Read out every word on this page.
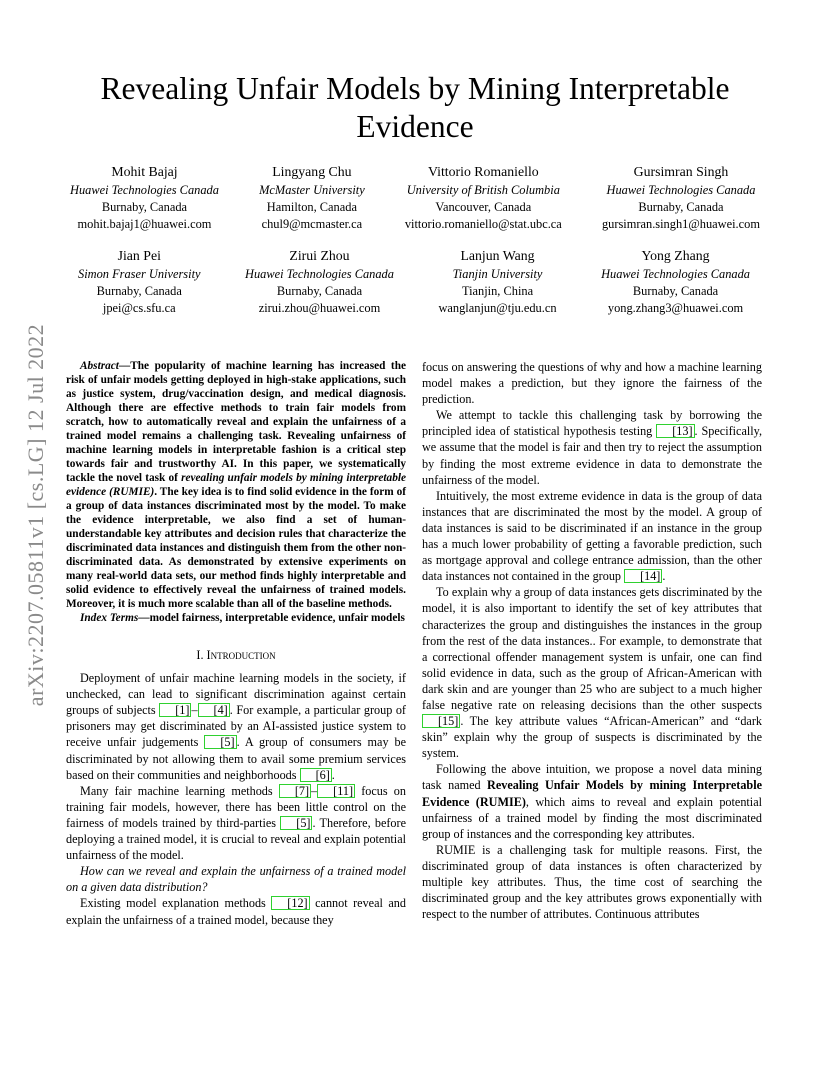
arXiv:2207.05811v1 [cs.LG] 12 Jul 2022
Revealing Unfair Models by Mining Interpretable Evidence
Mohit Bajaj
Huawei Technologies Canada
Burnaby, Canada
mohit.bajaj1@huawei.com
Lingyang Chu
McMaster University
Hamilton, Canada
chul9@mcmaster.ca
Vittorio Romaniello
University of British Columbia
Vancouver, Canada
vittorio.romaniello@stat.ubc.ca
Gursimran Singh
Huawei Technologies Canada
Burnaby, Canada
gursimran.singh1@huawei.com
Jian Pei
Simon Fraser University
Burnaby, Canada
jpei@cs.sfu.ca
Zirui Zhou
Huawei Technologies Canada
Burnaby, Canada
zirui.zhou@huawei.com
Lanjun Wang
Tianjin University
Tianjin, China
wanglanjun@tju.edu.cn
Yong Zhang
Huawei Technologies Canada
Burnaby, Canada
yong.zhang3@huawei.com

Abstract—The popularity of machine learning has increased the risk of unfair models getting deployed in high-stake applications, such as justice system, drug/vaccination design, and medical diagnosis. Although there are effective methods to train fair models from scratch, how to automatically reveal and explain the unfairness of a trained model remains a challenging task. Revealing unfairness of machine learning models in interpretable fashion is a critical step towards fair and trustworthy AI. In this paper, we systematically tackle the novel task of revealing unfair models by mining interpretable evidence (RUMIE). The key idea is to find solid evidence in the form of a group of data instances discriminated most by the model. To make the evidence interpretable, we also find a set of human-understandable key attributes and decision rules that characterize the discriminated data instances and distinguish them from the other non-discriminated data. As demonstrated by extensive experiments on many real-world data sets, our method finds highly interpretable and solid evidence to effectively reveal the unfairness of trained models. Moreover, it is much more scalable than all of the baseline methods.

Index Terms—model fairness, interpretable evidence, unfair models

I. Introduction

Deployment of unfair machine learning models in the society, if unchecked, can lead to significant discrimination against certain groups of subjects [1] – [4] . For example, a particular group of prisoners may get discriminated by an AI-assisted justice system to receive unfair judgements [5] . A group of consumers may be discriminated by not allowing them to avail some premium services based on their communities and neighborhoods [6] .

Many fair machine learning methods [7] – [11] focus on training fair models, however, there has been little control on the fairness of models trained by third-parties [5] . Therefore, before deploying a trained model, it is crucial to reveal and explain potential unfairness of the model.

How can we reveal and explain the unfairness of a trained model on a given data distribution?

Existing model explanation methods [12] cannot reveal and explain the unfairness of a trained model, because they

focus on answering the questions of why and how a machine learning model makes a prediction, but they ignore the fairness of the prediction.

We attempt to tackle this challenging task by borrowing the principled idea of statistical hypothesis testing [13] . Specifically, we assume that the model is fair and then try to reject the assumption by finding the most extreme evidence in data to demonstrate the unfairness of the model.

Intuitively, the most extreme evidence in data is the group of data instances that are discriminated the most by the model. A group of data instances is said to be discriminated if an instance in the group has a much lower probability of getting a favorable prediction, such as mortgage approval and college entrance admission, than the other data instances not contained in the group [14] .

To explain why a group of data instances gets discriminated by the model, it is also important to identify the set of key attributes that characterizes the group and distinguishes the instances in the group from the rest of the data instances.. For example, to demonstrate that a correctional offender management system is unfair, one can find solid evidence in data, such as the group of African-American with dark skin and are younger than 25 who are subject to a much higher false negative rate on releasing decisions than the other suspects [15] . The key attribute values “African-American” and “dark skin” explain why the group of suspects is discriminated by the system.

Following the above intuition, we propose a novel data mining task named Revealing Unfair Models by mining Interpretable Evidence (RUMIE), which aims to reveal and explain potential unfairness of a trained model by finding the most discriminated group of instances and the corresponding key attributes.

RUMIE is a challenging task for multiple reasons. First, the discriminated group of data instances is often characterized by multiple key attributes. Thus, the time cost of searching the discriminated group and the key attributes grows exponentially with respect to the number of attributes. Continuous attributes
